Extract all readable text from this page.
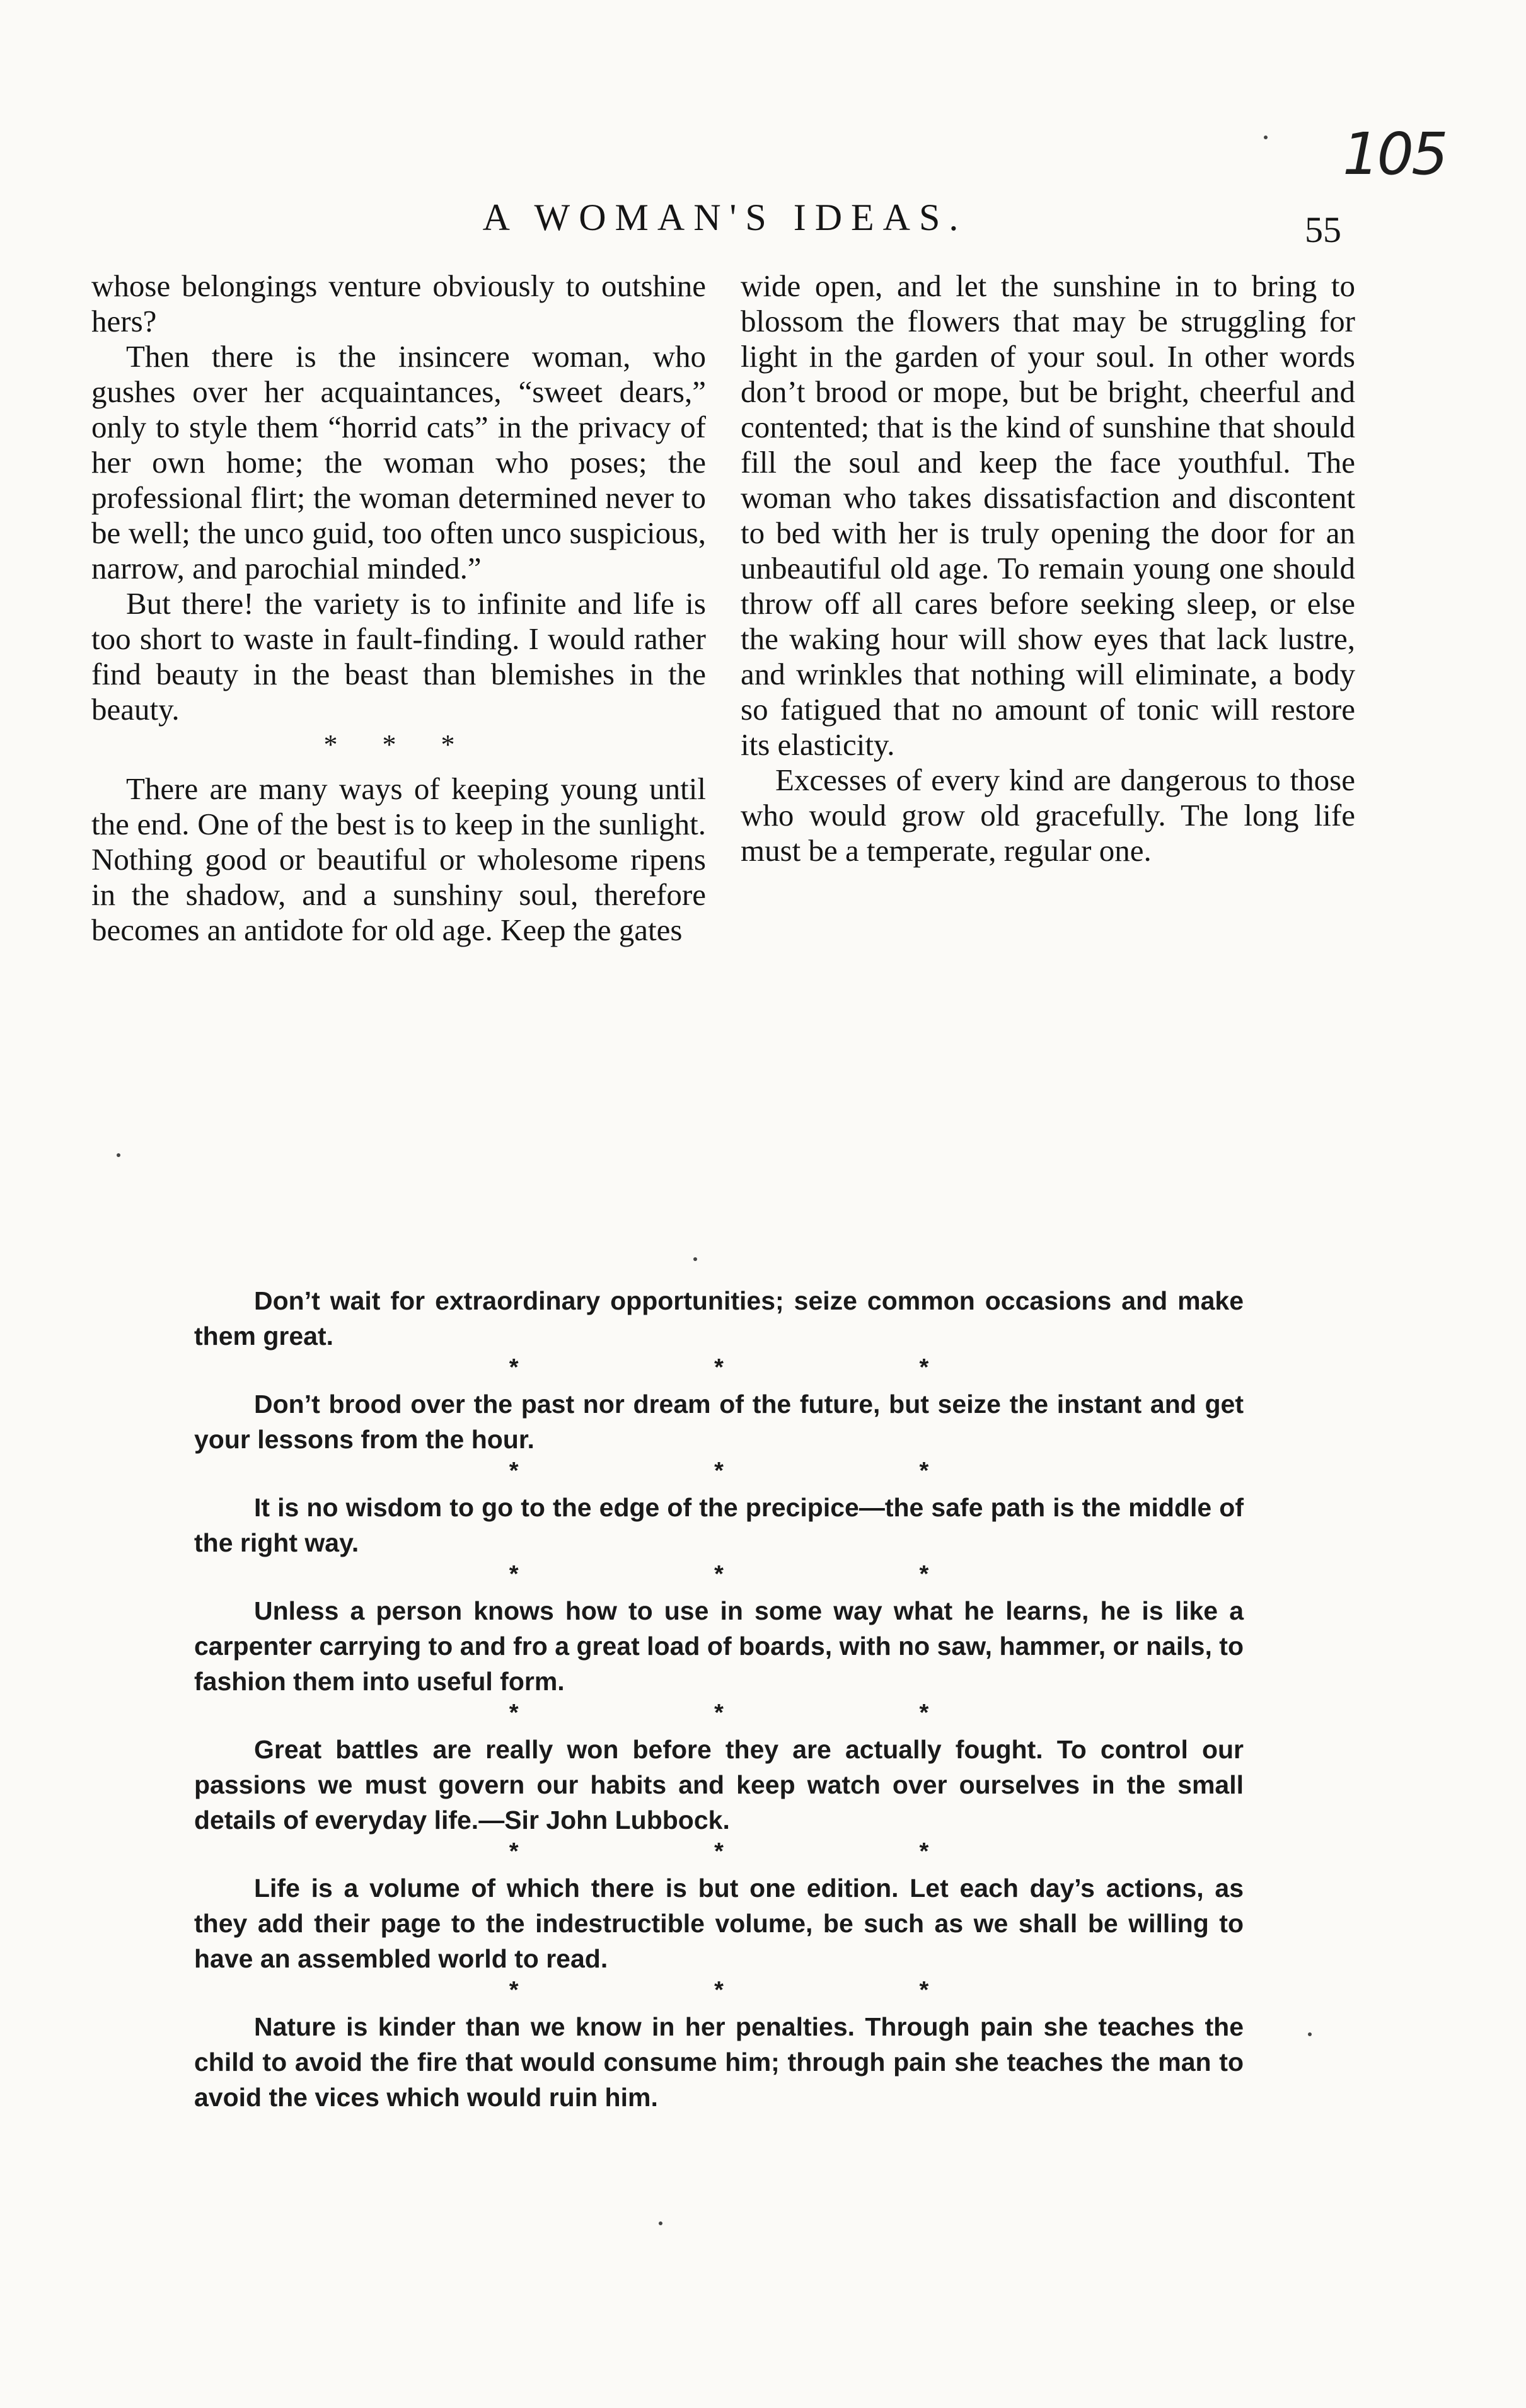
105
A WOMAN'S IDEAS.	55

whose belongings venture obviously to outshine hers?

Then there is the insincere woman, who gushes over her acquaintances, “sweet dears,” only to style them “horrid cats” in the privacy of her own home; the woman who poses; the professional flirt; the woman determined never to be well; the unco guid, too often unco suspicious, narrow, and parochial minded.”

But there! the variety is to infinite and life is too short to waste in fault-finding. I would rather find beauty in the beast than blemishes in the beauty.

* * *

There are many ways of keeping young until the end. One of the best is to keep in the sunlight. Nothing good or beautiful or wholesome ripens in the shadow, and a sunshiny soul, therefore becomes an antidote for old age. Keep the gates

wide open, and let the sunshine in to bring to blossom the flowers that may be struggling for light in the garden of your soul. In other words don’t brood or mope, but be bright, cheerful and contented; that is the kind of sunshine that should fill the soul and keep the face youthful. The woman who takes dissatisfaction and discontent to bed with her is truly opening the door for an unbeautiful old age. To remain young one should throw off all cares before seeking sleep, or else the waking hour will show eyes that lack lustre, and wrinkles that nothing will eliminate, a body so fatigued that no amount of tonic will restore its elasticity.

Excesses of every kind are dangerous to those who would grow old gracefully. The long life must be a temperate, regular one.

Don’t wait for extraordinary opportunities; seize common occasions and make them great.

* * *

Don’t brood over the past nor dream of the future, but seize the instant and get your lessons from the hour.

* * *

It is no wisdom to go to the edge of the precipice—the safe path is the middle of the right way.

* * *

Unless a person knows how to use in some way what he learns, he is like a carpenter carrying to and fro a great load of boards, with no saw, hammer, or nails, to fashion them into useful form.

* * *

Great battles are really won before they are actually fought. To control our passions we must govern our habits and keep watch over ourselves in the small details of everyday life.—Sir John Lubbock.

* * *

Life is a volume of which there is but one edition. Let each day’s actions, as they add their page to the indestructible volume, be such as we shall be willing to have an assembled world to read.

* * *

Nature is kinder than we know in her penalties. Through pain she teaches the child to avoid the fire that would consume him; through pain she teaches the man to avoid the vices which would ruin him.
